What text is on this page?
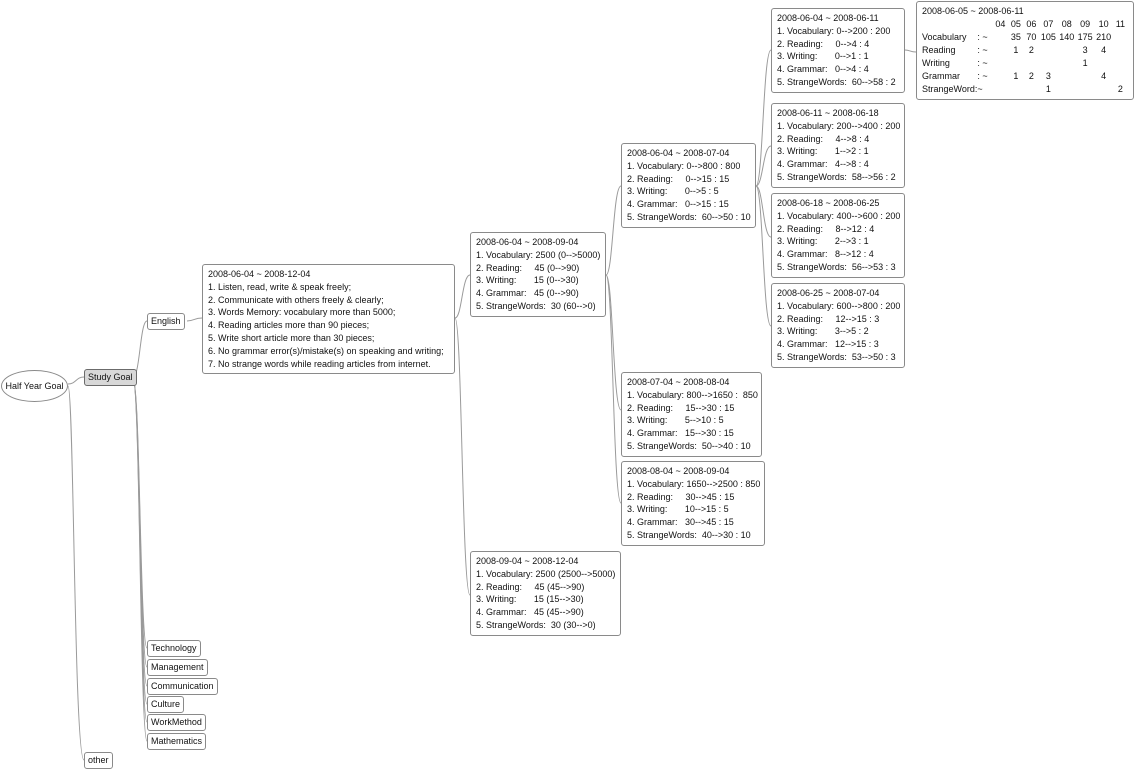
Half Year Goal
Study Goal
other
English
Technology
Management
Communication
Culture
WorkMethod
Mathematics
2008-06-04 ~ 2008-12-04
1. Listen, read, write & speak freely;
2. Communicate with others freely & clearly;
3. Words Memory: vocabulary more than 5000;
4. Reading articles more than 90 pieces;
5. Write short article more than 30 pieces;
6. No grammar error(s)/mistake(s) on speaking and writing;
7. No strange words while reading articles from internet.
2008-06-04 ~ 2008-09-04
1. Vocabulary: 2500 (0-->5000)
2. Reading:     45 (0-->90)
3. Writing:       15 (0-->30)
4. Grammar:   45 (0-->90)
5. StrangeWords:  30 (60-->0)
2008-09-04 ~ 2008-12-04
1. Vocabulary: 2500 (2500-->5000)
2. Reading:     45 (45-->90)
3. Writing:       15 (15-->30)
4. Grammar:   45 (45-->90)
5. StrangeWords:  30 (30-->0)
2008-06-04 ~ 2008-07-04
1. Vocabulary: 0-->800 : 800
2. Reading:     0-->15 : 15
3. Writing:       0-->5 : 5
4. Grammar:   0-->15 : 15
5. StrangeWords:  60-->50 : 10
2008-07-04 ~ 2008-08-04
1. Vocabulary: 800-->1650 :  850
2. Reading:     15-->30 : 15
3. Writing:       5-->10 : 5
4. Grammar:   15-->30 : 15
5. StrangeWords:  50-->40 : 10
2008-08-04 ~ 2008-09-04
1. Vocabulary: 1650-->2500 : 850
2. Reading:     30-->45 : 15
3. Writing:       10-->15 : 5
4. Grammar:   30-->45 : 15
5. StrangeWords:  40-->30 : 10
2008-06-04 ~ 2008-06-11
1. Vocabulary: 0-->200 : 200
2. Reading:     0-->4 : 4
3. Writing:       0-->1 : 1
4. Grammar:   0-->4 : 4
5. StrangeWords:  60-->58 : 2
2008-06-11 ~ 2008-06-18
1. Vocabulary: 200-->400 : 200
2. Reading:     4-->8 : 4
3. Writing:       1-->2 : 1
4. Grammar:   4-->8 : 4
5. StrangeWords:  58-->56 : 2
2008-06-18 ~ 2008-06-25
1. Vocabulary: 400-->600 : 200
2. Reading:     8-->12 : 4
3. Writing:       2-->3 : 1
4. Grammar:   8-->12 : 4
5. StrangeWords:  56-->53 : 3
2008-06-25 ~ 2008-07-04
1. Vocabulary: 600-->800 : 200
2. Reading:     12-->15 : 3
3. Writing:       3-->5 : 2
4. Grammar:   12-->15 : 3
5. StrangeWords:  53-->50 : 3
2008-06-05 ~ 2008-06-11
		04	05	06	07	08	09	10	11
Vocabulary	: ~		35	70	105	140	175	210	
Reading	: ~		1	2			3	4	
Writing	: ~						1		
Grammar	: ~		1	2	3			4	
StrangeWord:	~				1				2
